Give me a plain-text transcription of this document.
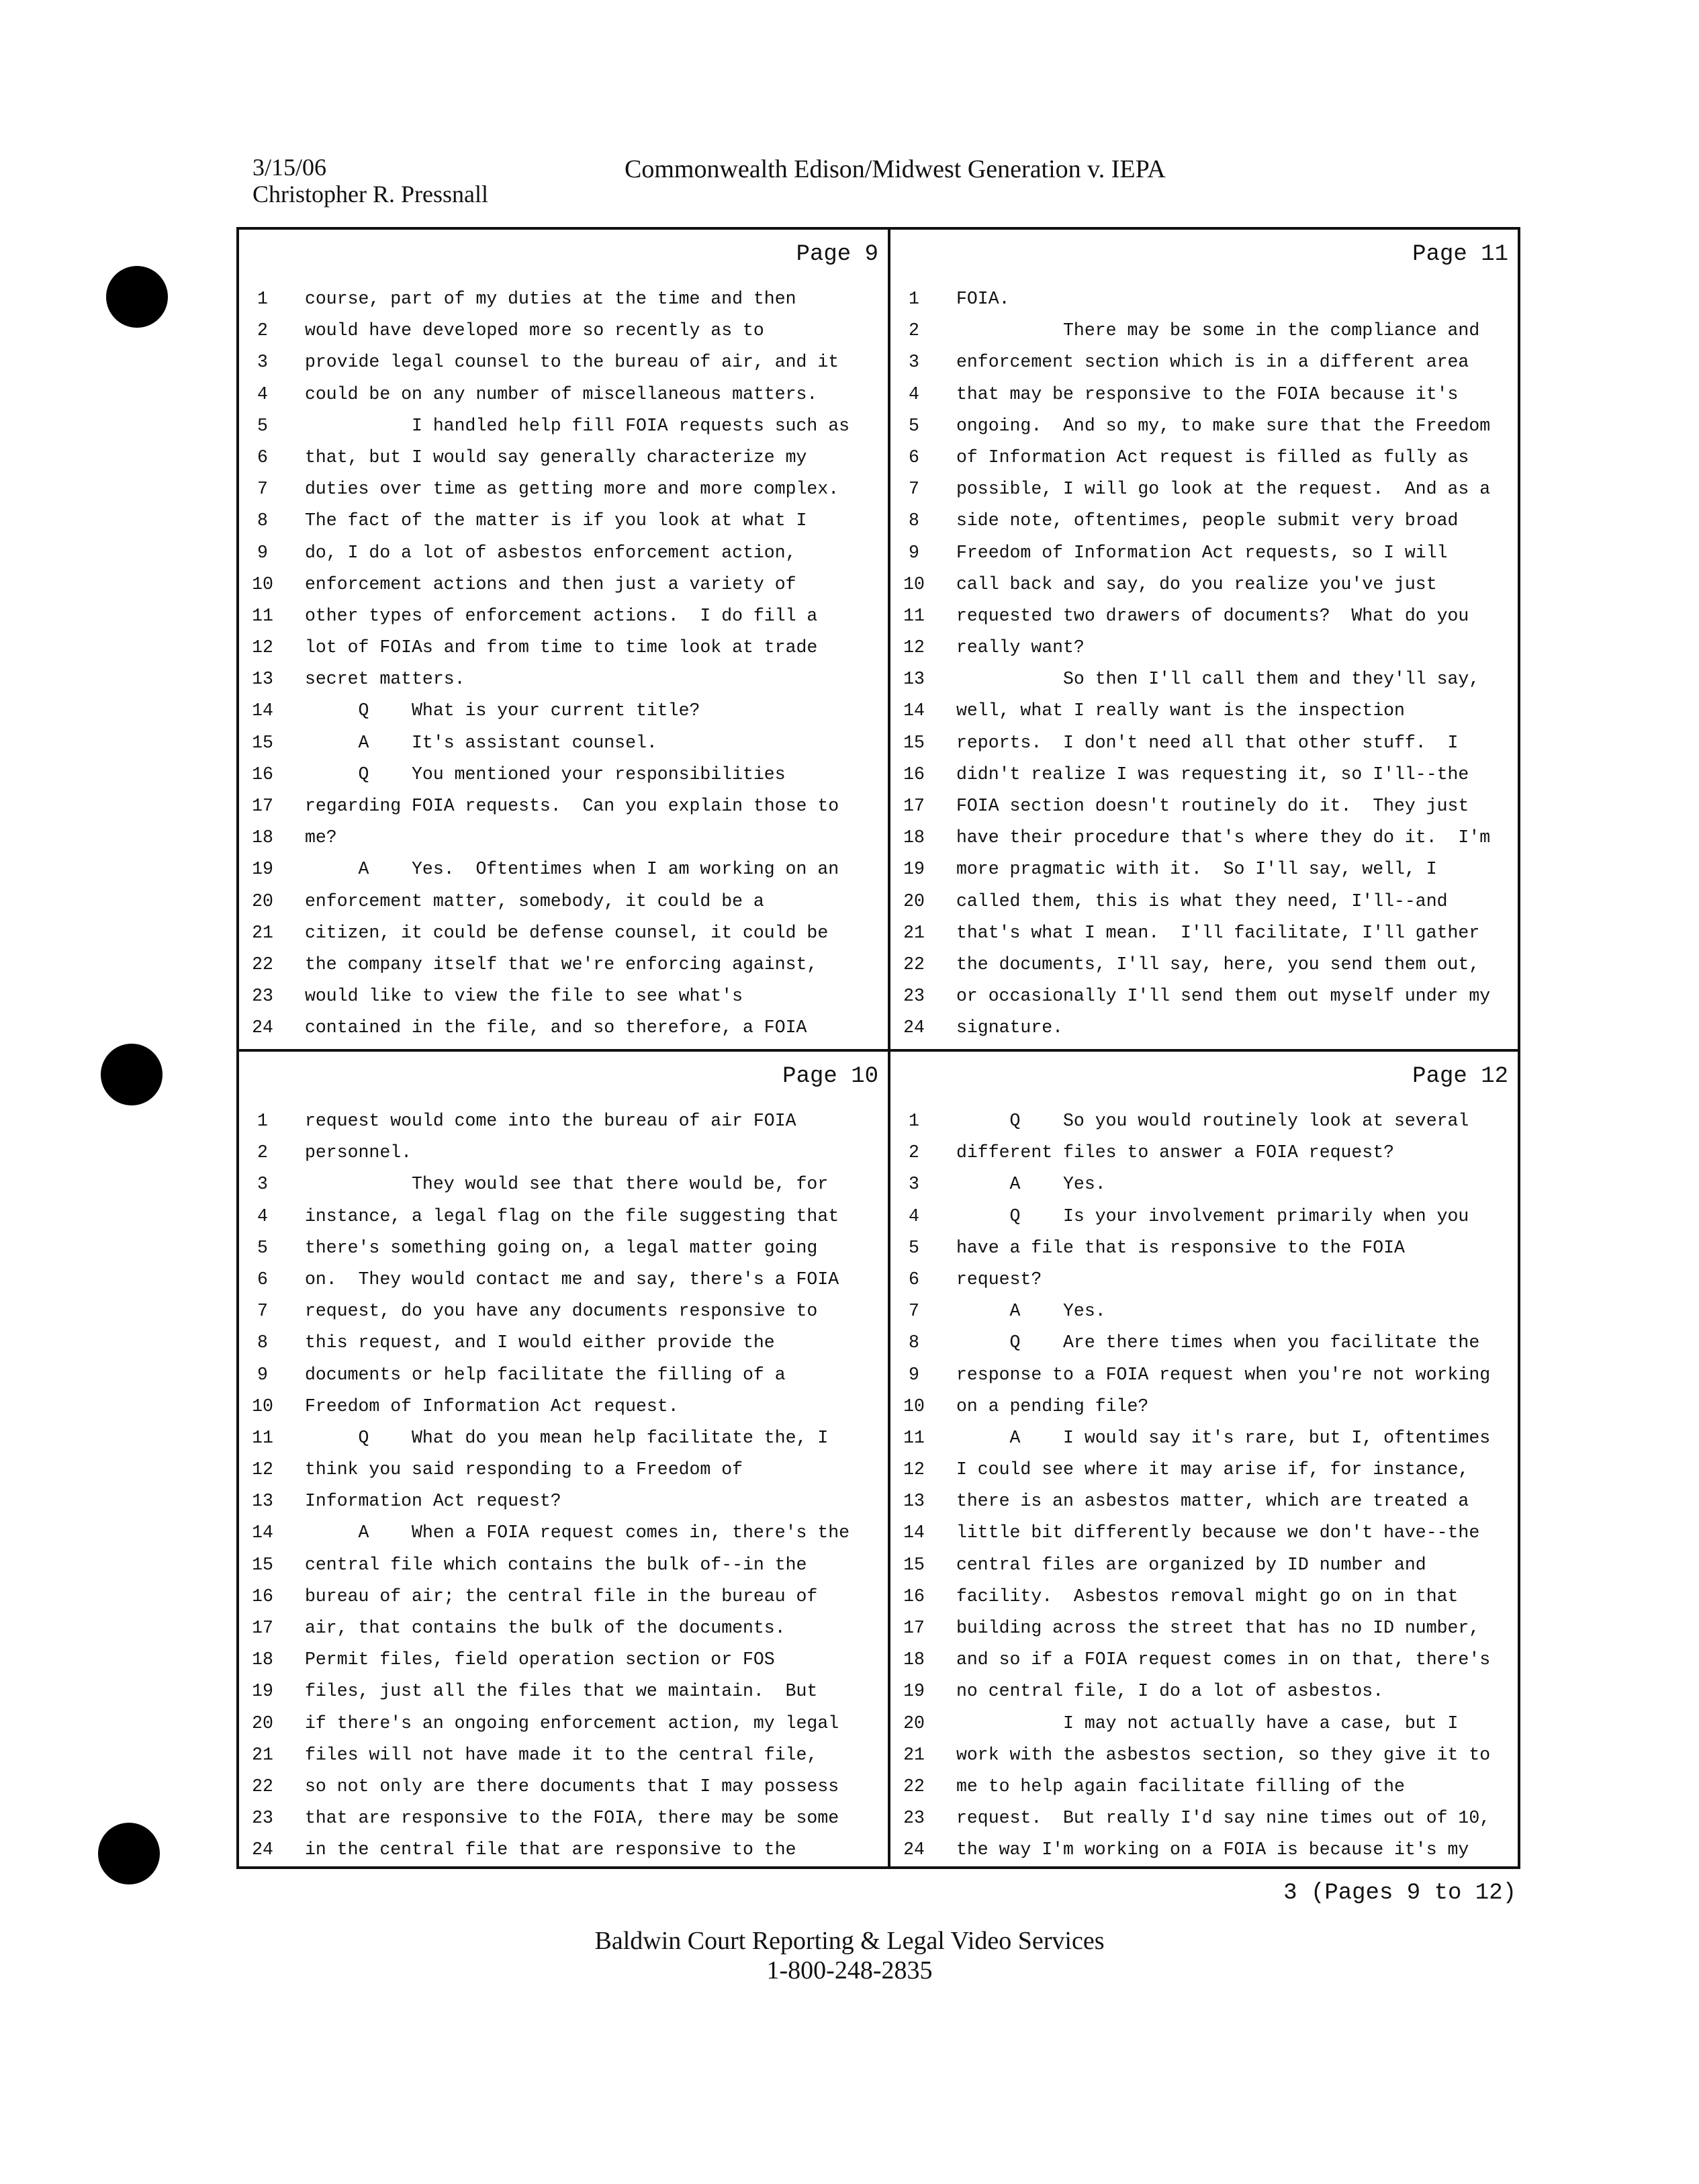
3/15/06
Christopher R. Pressnall
Commonwealth Edison/Midwest Generation v. IEPA
Page 9
1	course, part of my duties at the time and then
2	would have developed more so recently as to
3	provide legal counsel to the bureau of air, and it
4	could be on any number of miscellaneous matters.
5	I handled help fill FOIA requests such as
6	that, but I would say generally characterize my
7	duties over time as getting more and more complex.
8	The fact of the matter is if you look at what I
9	do, I do a lot of asbestos enforcement action,
10	enforcement actions and then just a variety of
11	other types of enforcement actions.  I do fill a
12	lot of FOIAs and from time to time look at trade
13	secret matters.
14	Q    What is your current title?
15	A    It's assistant counsel.
16	Q    You mentioned your responsibilities
17	regarding FOIA requests.  Can you explain those to
18	me?
19	A    Yes.  Oftentimes when I am working on an
20	enforcement matter, somebody, it could be a
21	citizen, it could be defense counsel, it could be
22	the company itself that we're enforcing against,
23	would like to view the file to see what's
24	contained in the file, and so therefore, a FOIA
Page 11
1	FOIA.
2	There may be some in the compliance and
3	enforcement section which is in a different area
4	that may be responsive to the FOIA because it's
5	ongoing.  And so my, to make sure that the Freedom
6	of Information Act request is filled as fully as
7	possible, I will go look at the request.  And as a
8	side note, oftentimes, people submit very broad
9	Freedom of Information Act requests, so I will
10	call back and say, do you realize you've just
11	requested two drawers of documents?  What do you
12	really want?
13	So then I'll call them and they'll say,
14	well, what I really want is the inspection
15	reports.  I don't need all that other stuff.  I
16	didn't realize I was requesting it, so I'll--the
17	FOIA section doesn't routinely do it.  They just
18	have their procedure that's where they do it.  I'm
19	more pragmatic with it.  So I'll say, well, I
20	called them, this is what they need, I'll--and
21	that's what I mean.  I'll facilitate, I'll gather
22	the documents, I'll say, here, you send them out,
23	or occasionally I'll send them out myself under my
24	signature.
Page 10
1	request would come into the bureau of air FOIA
2	personnel.
3	They would see that there would be, for
4	instance, a legal flag on the file suggesting that
5	there's something going on, a legal matter going
6	on.  They would contact me and say, there's a FOIA
7	request, do you have any documents responsive to
8	this request, and I would either provide the
9	documents or help facilitate the filling of a
10	Freedom of Information Act request.
11	Q    What do you mean help facilitate the, I
12	think you said responding to a Freedom of
13	Information Act request?
14	A    When a FOIA request comes in, there's the
15	central file which contains the bulk of--in the
16	bureau of air; the central file in the bureau of
17	air, that contains the bulk of the documents.
18	Permit files, field operation section or FOS
19	files, just all the files that we maintain.  But
20	if there's an ongoing enforcement action, my legal
21	files will not have made it to the central file,
22	so not only are there documents that I may possess
23	that are responsive to the FOIA, there may be some
24	in the central file that are responsive to the
Page 12
1	Q    So you would routinely look at several
2	different files to answer a FOIA request?
3	A    Yes.
4	Q    Is your involvement primarily when you
5	have a file that is responsive to the FOIA
6	request?
7	A    Yes.
8	Q    Are there times when you facilitate the
9	response to a FOIA request when you're not working
10	on a pending file?
11	A    I would say it's rare, but I, oftentimes
12	I could see where it may arise if, for instance,
13	there is an asbestos matter, which are treated a
14	little bit differently because we don't have--the
15	central files are organized by ID number and
16	facility.  Asbestos removal might go on in that
17	building across the street that has no ID number,
18	and so if a FOIA request comes in on that, there's
19	no central file, I do a lot of asbestos.
20	I may not actually have a case, but I
21	work with the asbestos section, so they give it to
22	me to help again facilitate filling of the
23	request.  But really I'd say nine times out of 10,
24	the way I'm working on a FOIA is because it's my
3 (Pages 9 to 12)
Baldwin Court Reporting & Legal Video Services
1-800-248-2835
